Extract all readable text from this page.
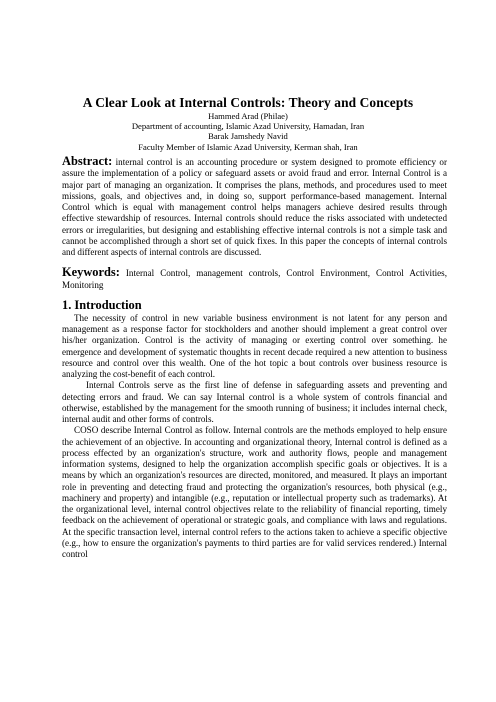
A Clear Look at Internal Controls: Theory and Concepts
Hammed Arad (Philae)
Department of accounting, Islamic Azad University, Hamadan, Iran
Barak Jamshedy Navid
Faculty Member of Islamic Azad University, Kerman shah, Iran

Abstract: internal control is an accounting procedure or system designed to promote efficiency or assure the implementation of a policy or safeguard assets or avoid fraud and error. Internal Control is a major part of managing an organization. It comprises the plans, methods, and procedures used to meet missions, goals, and objectives and, in doing so, support performance-based management. Internal Control which is equal with management control helps managers achieve desired results through effective stewardship of resources. Internal controls should reduce the risks associated with undetected errors or irregularities, but designing and establishing effective internal controls is not a simple task and cannot be accomplished through a short set of quick fixes. In this paper the concepts of internal controls and different aspects of internal controls are discussed.

Keywords: Internal Control, management controls, Control Environment, Control Activities, Monitoring

1. Introduction

The necessity of control in new variable business environment is not latent for any person and management as a response factor for stockholders and another should implement a great control over his/her organization. Control is the activity of managing or exerting control over something. he emergence and development of systematic thoughts in recent decade required a new attention to business resource and control over this wealth. One of the hot topic a bout controls over business resource is analyzing the cost-benefit of each control.

Internal Controls serve as the first line of defense in safeguarding assets and preventing and detecting errors and fraud. We can say Internal control is a whole system of controls financial and otherwise, established by the management for the smooth running of business; it includes internal check, internal audit and other forms of controls.

COSO describe Internal Control as follow. Internal controls are the methods employed to help ensure the achievement of an objective. In accounting and organizational theory, Internal control is defined as a process effected by an organization's structure, work and authority flows, people and management information systems, designed to help the organization accomplish specific goals or objectives. It is a means by which an organization's resources are directed, monitored, and measured. It plays an important role in preventing and detecting fraud and protecting the organization's resources, both physical (e.g., machinery and property) and intangible (e.g., reputation or intellectual property such as trademarks). At the organizational level, internal control objectives relate to the reliability of financial reporting, timely feedback on the achievement of operational or strategic goals, and compliance with laws and regulations. At the specific transaction level, internal control refers to the actions taken to achieve a specific objective (e.g., how to ensure the organization's payments to third parties are for valid services rendered.) Internal control
